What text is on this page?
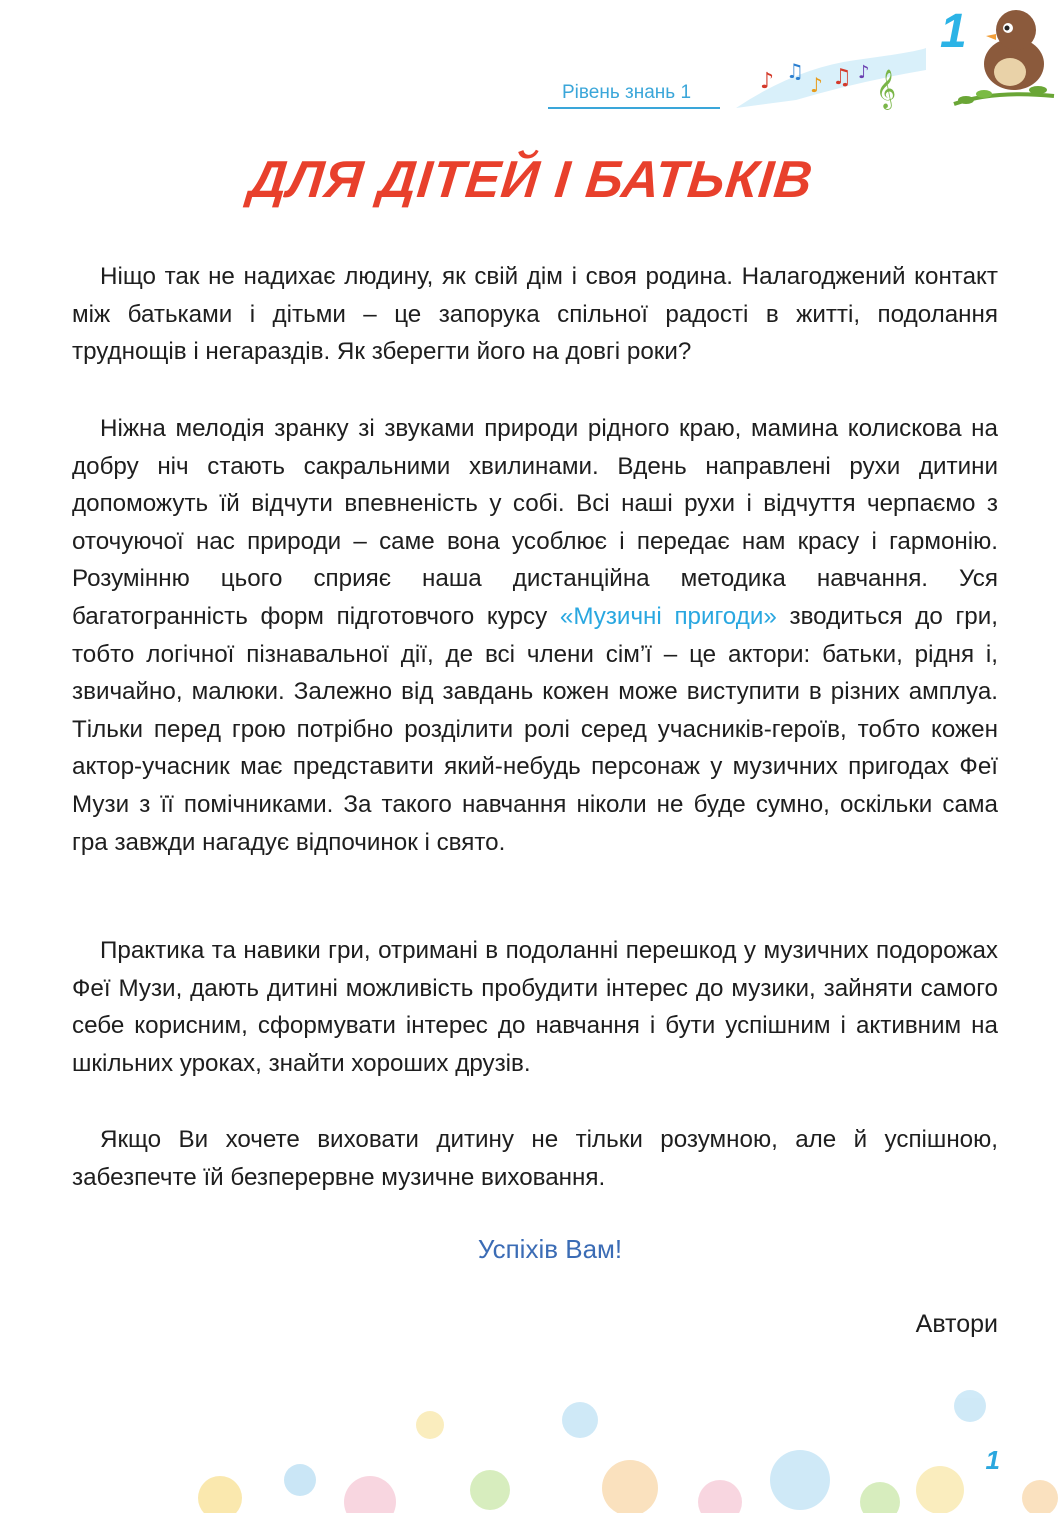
Рівень знань 1	♪ ♫
♪ ♫ ♪ 𝄞
1
ДЛЯ ДІТЕЙ І БАТЬКІВ

Ніщо так не надихає людину, як свій дім і своя родина. Налагоджений контакт між батьками і дітьми – це запорука спільної радості в житті, подолання труднощів і негараздів. Як зберегти його на довгі роки?

Ніжна мелодія зранку зі звуками природи рідного краю, мамина колискова на добру ніч стають сакральними хвилинами. Вдень направлені рухи дитини допоможуть їй відчути впевненість у собі. Всі наші рухи і відчуття черпаємо з оточуючої нас природи – саме вона усоблює і передає нам красу і гармонію. Розумінню цього сприяє наша дистанційна методика навчання. Уся багатогранність форм підготовчого курсу «Музичні пригоди» зводиться до гри, тобто логічної пізнавальної дії, де всі члени сім’ї – це актори: батьки, рідня і, звичайно, малюки. Залежно від завдань кожен може виступити в різних амплуа. Тільки перед грою потрібно розділити ролі серед учасників-героїв, тобто кожен актор-учасник має представити який-небудь персонаж у музичних пригодах Феї Музи з її помічниками. За такого навчання ніколи не буде сумно, оскільки сама гра завжди нагадує відпочинок і свято.

Практика та навики гри, отримані в подоланні перешкод у музичних подорожах Феї Музи, дають дитині можливість пробудити інтерес до музики, зайняти самого себе корисним, сформувати інтерес до навчання і бути успішним і активним на шкільних уроках, знайти хороших друзів.

Якщо Ви хочете виховати дитину не тільки розумною, але й успішною, забезпечте їй безперервне музичне виховання.

Успіхів Вам!
Автори
1
